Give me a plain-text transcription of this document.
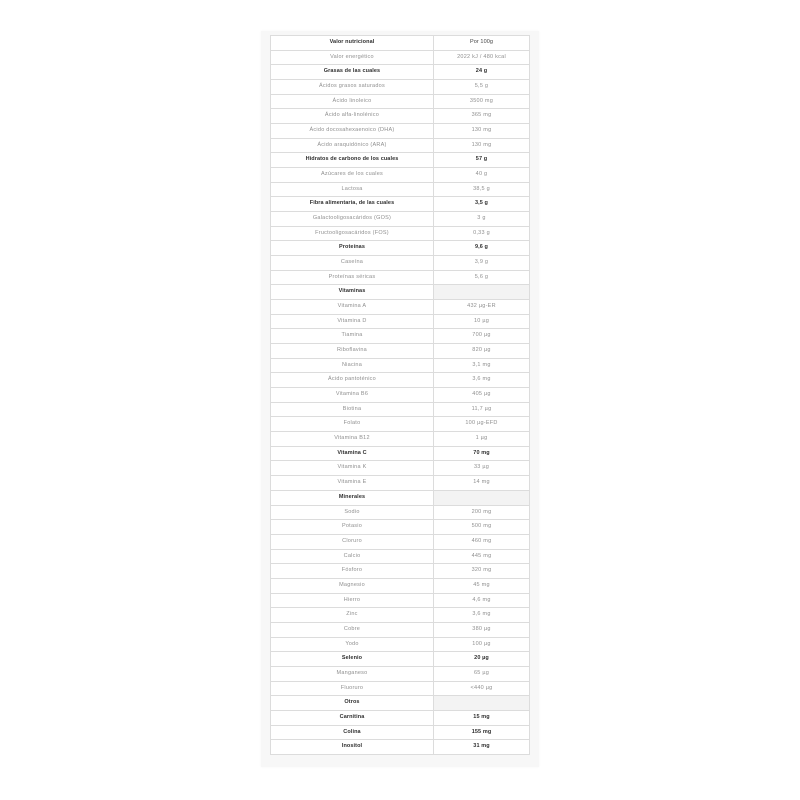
Valor nutricional	Por 100g
Valor energético	2022 kJ / 480 kcal
Grasas de las cuales	24 g
Ácidos grasos saturados	5,5 g
Ácido linoleico	3500 mg
Ácido alfa-linolénico	365 mg
Ácido docosahexaenoico (DHA)	130 mg
Ácido araquidónico (ARA)	130 mg
Hidratos de carbono de los cuales	57 g
Azúcares de los cuales	40 g
Lactosa	38,5 g
Fibra alimentaria, de las cuales	3,5 g
Galactooligosacáridos (GOS)	3 g
Fructooligosacáridos (FOS)	0,33 g
Proteínas	9,6 g
Caseína	3,9 g
Proteínas séricas	5,6 g
Vitaminas
Vitamina A	432 µg-ER
Vitamina D	10 µg
Tiamina	700 µg
Riboflavina	820 µg
Niacina	3,1 mg
Ácido pantoténico	3,6 mg
Vitamina B6	405 µg
Biotina	11,7 µg
Folato	100 µg-EFD
Vitamina B12	1 µg
Vitamina C	70 mg
Vitamina K	33 µg
Vitamina E	14 mg
Minerales
Sodio	200 mg
Potasio	500 mg
Cloruro	460 mg
Calcio	445 mg
Fósforo	320 mg
Magnesio	45 mg
Hierro	4,6 mg
Zinc	3,6 mg
Cobre	380 µg
Yodo	100 µg
Selenio	20 µg
Manganeso	65 µg
Fluoruro	<440 µg
Otros
Carnitina	15 mg
Colina	155 mg
Inositol	31 mg
